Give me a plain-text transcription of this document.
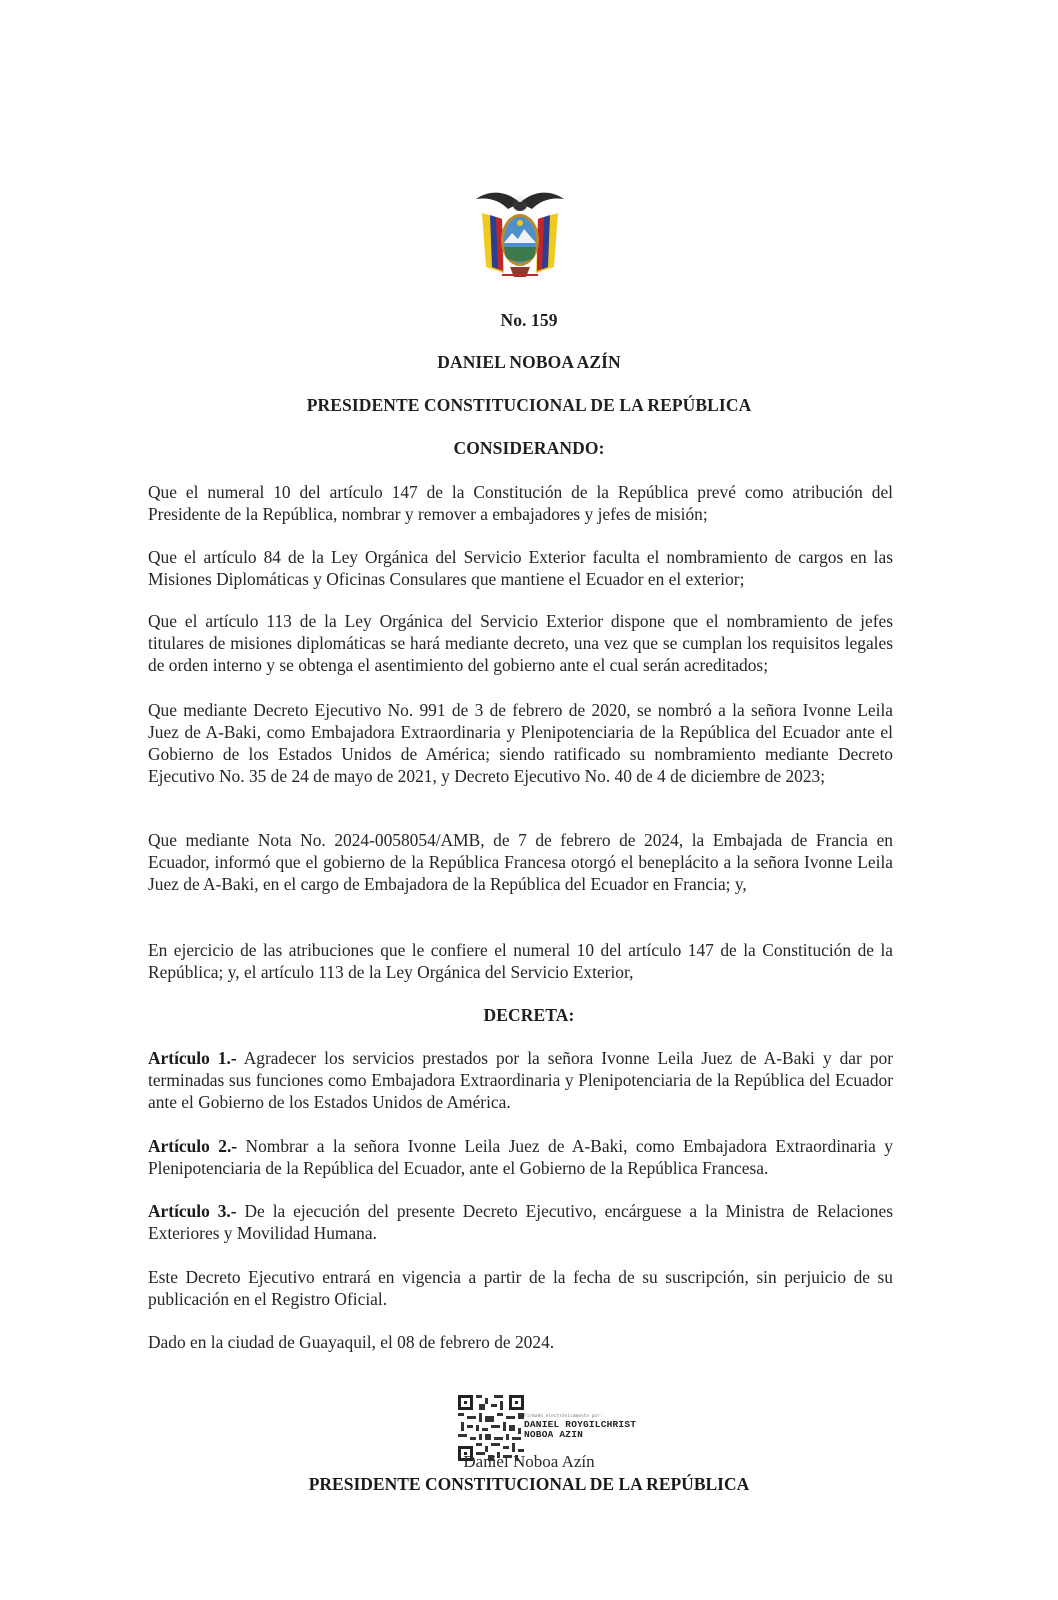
No. 159
DANIEL NOBOA AZÍN
PRESIDENTE CONSTITUCIONAL DE LA REPÚBLICA
CONSIDERANDO:
Que el numeral 10 del artículo 147 de la Constitución de la República prevé como atribución del Presidente de la República, nombrar y remover a embajadores y jefes de misión;
Que el artículo 84 de la Ley Orgánica del Servicio Exterior faculta el nombramiento de cargos en las Misiones Diplomáticas y Oficinas Consulares que mantiene el Ecuador en el exterior;
Que el artículo 113 de la Ley Orgánica del Servicio Exterior dispone que el nombramiento de jefes titulares de misiones diplomáticas se hará mediante decreto, una vez que se cumplan los requisitos legales de orden interno y se obtenga el asentimiento del gobierno ante el cual serán acreditados;
Que mediante Decreto Ejecutivo No. 991 de 3 de febrero de 2020, se nombró a la señora Ivonne Leila Juez de A-Baki, como Embajadora Extraordinaria y Plenipotenciaria de la República del Ecuador ante el Gobierno de los Estados Unidos de América; siendo ratificado su nombramiento mediante Decreto Ejecutivo No. 35 de 24 de mayo de 2021, y Decreto Ejecutivo No. 40 de 4 de diciembre de 2023;
Que mediante Nota No. 2024-0058054/AMB, de 7 de febrero de 2024, la Embajada de Francia en Ecuador, informó que el gobierno de la República Francesa otorgó el beneplácito a la señora Ivonne Leila Juez de A-Baki, en el cargo de Embajadora de la República del Ecuador en Francia; y,
En ejercicio de las atribuciones que le confiere el numeral 10 del artículo 147 de la Constitución de la República; y, el artículo 113 de la Ley Orgánica del Servicio Exterior,
DECRETA:
Artículo 1.- Agradecer los servicios prestados por la señora Ivonne Leila Juez de A-Baki y dar por terminadas sus funciones como Embajadora Extraordinaria y Plenipotenciaria de la República del Ecuador ante el Gobierno de los Estados Unidos de América.
Artículo 2.- Nombrar a la señora Ivonne Leila Juez de A-Baki, como Embajadora Extraordinaria y Plenipotenciaria de la República del Ecuador, ante el Gobierno de la República Francesa.
Artículo 3.- De la ejecución del presente Decreto Ejecutivo, encárguese a la Ministra de Relaciones Exteriores y Movilidad Humana.
Este Decreto Ejecutivo entrará en vigencia a partir de la fecha de su suscripción, sin perjuicio de su publicación en el Registro Oficial.
Dado en la ciudad de Guayaquil, el 08 de febrero de 2024.
Firmado electrónicamente por:
DANIEL ROYGILCHRIST
NOBOA AZIN
Daniel Noboa Azín
PRESIDENTE CONSTITUCIONAL DE LA REPÚBLICA
